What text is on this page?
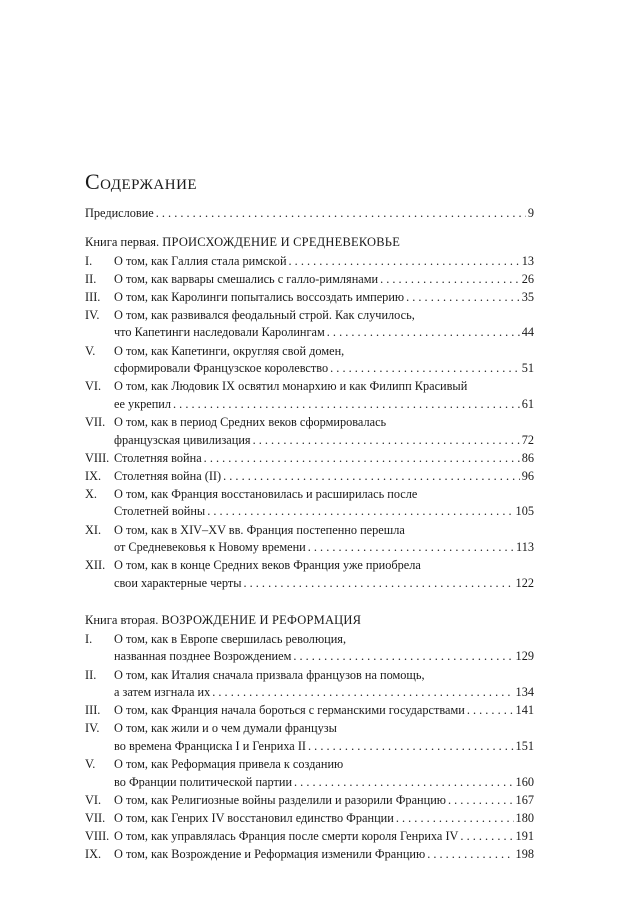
Содержание
Предисловие . . .	9
Книга первая. ПРОИСХОЖДЕНИЕ И СРЕДНЕВЕКОВЬЕ
I.	О том, как Галлия стала римской . . .	13
II.	О том, как варвары смешались с галло-римлянами . . .	26
III.	О том, как Каролинги попытались воссоздать империю . . .	35
IV.	О том, как развивался феодальный строй. Как случилось,
что Капетинги наследовали Каролингам . . .	44
V.	О том, как Капетинги, округляя свой домен,
сформировали Французское королевство . . .	51
VI.	О том, как Людовик IX освятил монархию и как Филипп Красивый
ее укрепил . . .	61
VII. О том, как в период Средних веков сформировалась
французская цивилизация . . .	72
VIII. Столетняя война . . .	86
IX.	Столетняя война (II) . . .	96
X.	О том, как Франция восстановилась и расширилась после
Столетней войны . . .	105
XI.	О том, как в XIV–XV вв. Франция постепенно перешла
от Средневековья к Новому времени . . .	113
XII. О том, как в конце Средних веков Франция уже приобрела
свои характерные черты . . .	122
Книга вторая. ВОЗРОЖДЕНИЕ И РЕФОРМАЦИЯ
I.	О том, как в Европе свершилась революция,
названная позднее Возрождением . . .	129
II.	О том, как Италия сначала призвала французов на помощь,
а затем изгнала их . . .	134
III.	О том, как Франция начала бороться с германскими государствами . . .	141
IV.	О том, как жили и о чем думали французы
во времена Франциска I и Генриха II . . .	151
V.	О том, как Реформация привела к созданию
во Франции политической партии . . .	160
VI.	О том, как Религиозные войны разделили и разорили Францию . . .	167
VII. О том, как Генрих IV восстановил единство Франции . . .	180
VIII. О том, как управлялась Франция после смерти короля Генриха IV . . .	191
IX.	О том, как Возрождение и Реформация изменили Францию . . .	198
